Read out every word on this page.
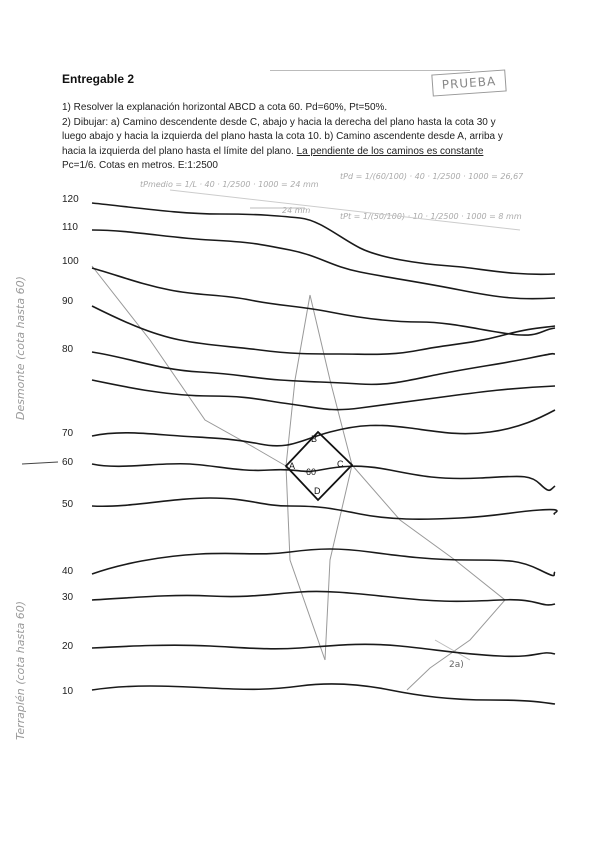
Entregable 2	PRUEBA
1) Resolver la explanación horizontal ABCD a cota 60. Pd=60%, Pt=50%.
2) Dibujar: a) Camino descendente desde C, abajo y hacia la derecha del plano hasta la cota 30 y
luego abajo y hacia la izquierda del plano hasta la cota 10. b) Camino ascendente desde A, arriba y
hacia la izquierda del plano hasta el límite del plano. La pendiente de los caminos es constante
Pc=1/6. Cotas en metros. E:1:2500
tPmedio = 1/L · 40 · 1/2500 · 1000 = 24 mm
tPd = 1/(60/100) · 40 · 1/2500 · 1000 = 26,67
tPt = 1/(50/100) · 10 · 1/2500 · 1000 = 8 mm
24 mm
Desmonte (cota hasta 60)
Terraplén (cota hasta 60)
120
110
100
90
80
70
60
50
40
30
20
10
B
A	C
D
60
2a)
